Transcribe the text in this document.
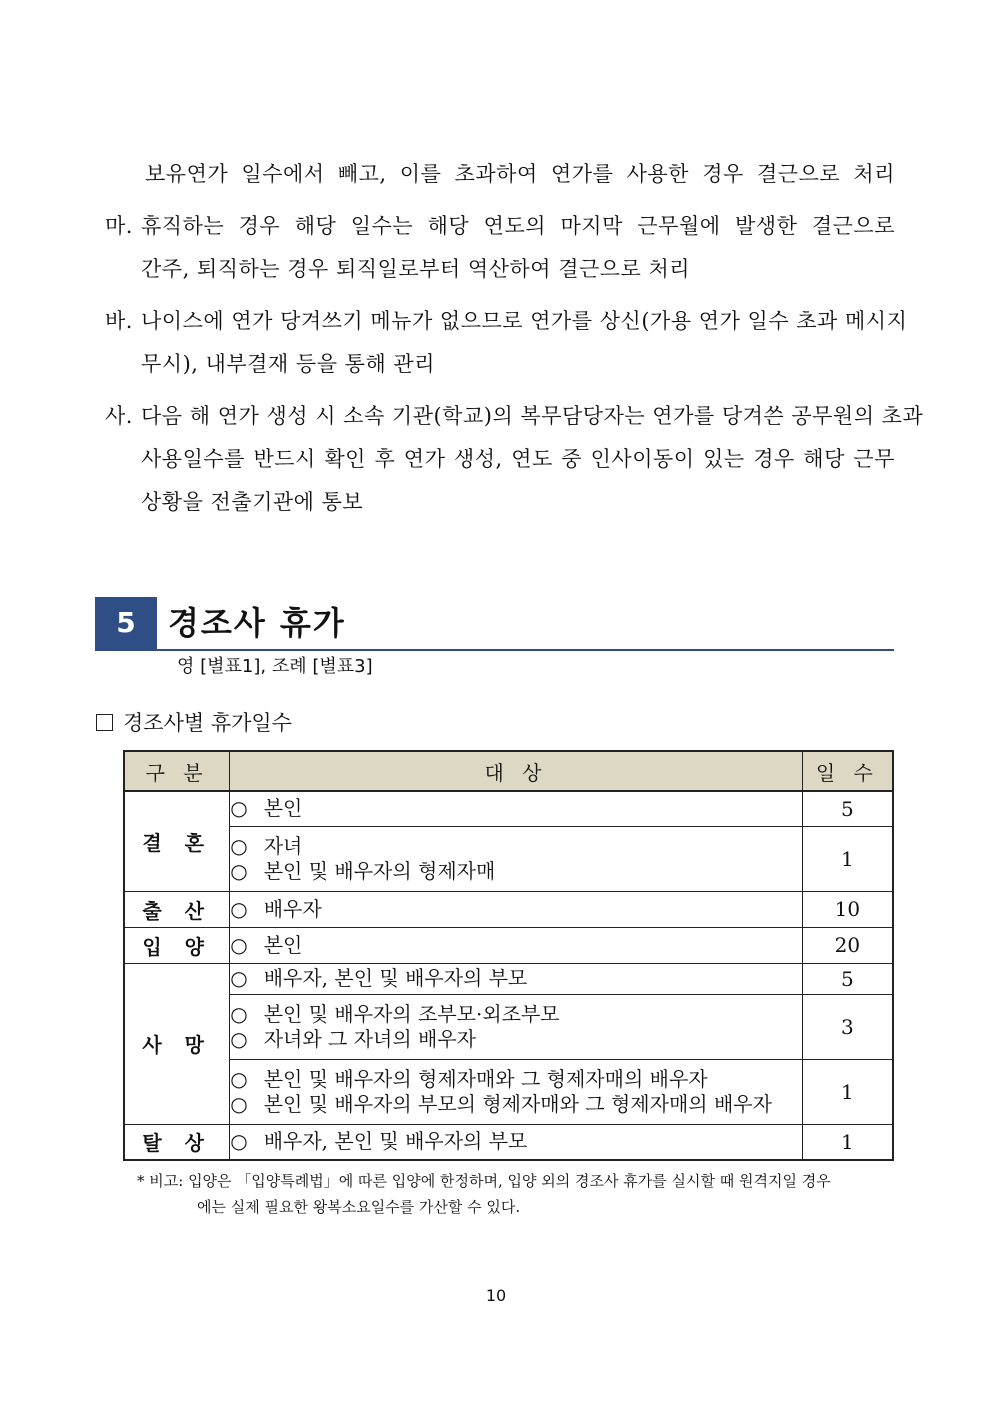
보유연가 일수에서 빼고, 이를 초과하여 연가를 사용한 경우 결근으로 처리
마. 휴직하는 경우 해당 일수는 해당 연도의 마지막 근무월에 발생한 결근으로
간주, 퇴직하는 경우 퇴직일로부터 역산하여 결근으로 처리
바. 나이스에 연가 당겨쓰기 메뉴가 없으므로 연가를 상신(가용 연가 일수 초과 메시지
무시), 내부결재 등을 통해 관리
사. 다음 해 연가 생성 시 소속 기관(학교)의 복무담당자는 연가를 당겨쓴 공무원의 초과
사용일수를 반드시 확인 후 연가 생성, 연도 중 인사이동이 있는 경우 해당 근무
상황을 전출기관에 통보
5	경조사 휴가
영 [별표1], 조례 [별표3]
경조사별 휴가일수
구 분	대 상	일 수
결 혼	○ 본인	5

	○ 자녀
○ 본인 및 배우자의 형제자매	1
출 산	○ 배우자	10
입 양	○ 본인	20
사 망	○ 배우자, 본인 및 배우자의 부모	5

	○ 본인 및 배우자의 조부모·외조부모
○ 자녀와 그 자녀의 배우자	3

	○ 본인 및 배우자의 형제자매와 그 형제자매의 배우자
○ 본인 및 배우자의 부모의 형제자매와 그 형제자매의 배우자	1
탈 상	○ 배우자, 본인 및 배우자의 부모	1
* 비고: 입양은 「입양특례법」에 따른 입양에 한정하며, 입양 외의 경조사 휴가를 실시할 때 원격지일 경우
에는 실제 필요한 왕복소요일수를 가산할 수 있다.
10
